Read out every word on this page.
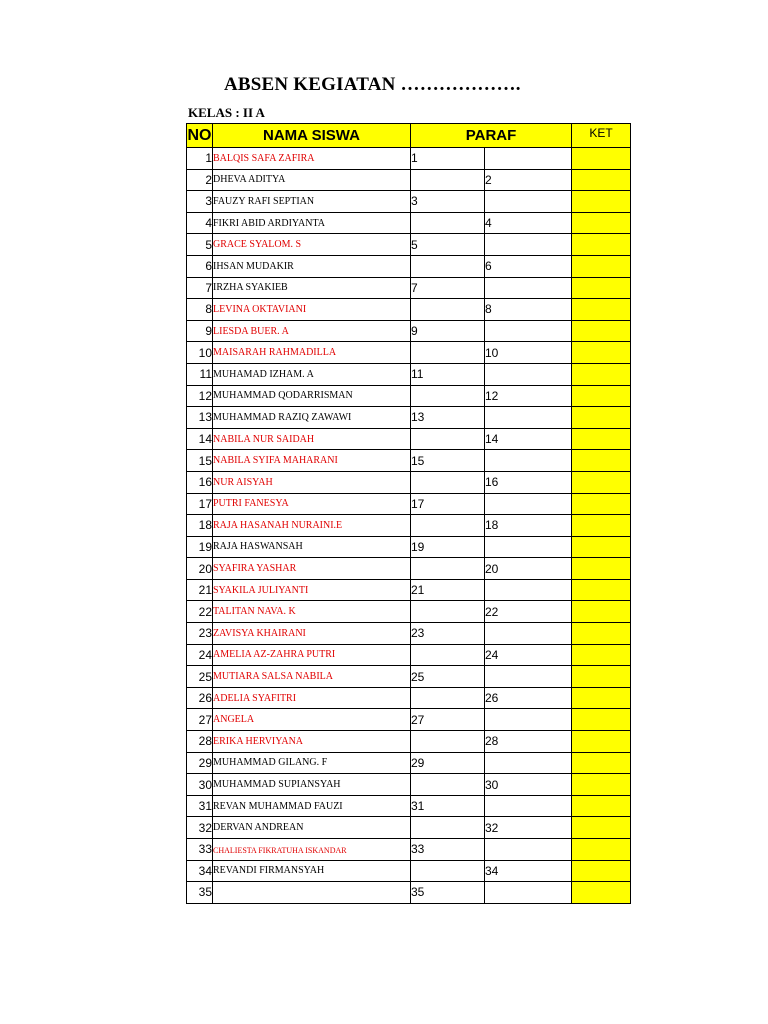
ABSEN KEGIATAN ……………….
KELAS : II A
NO	NAMA SISWA	PARAF		KET
1	BALQIS SAFA ZAFIRA	1		
2	DHEVA ADITYA		2	
3	FAUZY RAFI SEPTIAN	3		
4	FIKRI ABID ARDIYANTA		4	
5	GRACE SYALOM. S	5		
6	IHSAN MUDAKIR		6	
7	IRZHA SYAKIEB	7		
8	LEVINA OKTAVIANI		8	
9	LIESDA BUER. A	9		
10	MAISARAH RAHMADILLA		10	
11	MUHAMAD IZHAM. A	11		
12	MUHAMMAD QODARRISMAN		12	
13	MUHAMMAD RAZIQ ZAWAWI	13		
14	NABILA NUR SAIDAH		14	
15	NABILA SYIFA MAHARANI	15		
16	NUR AISYAH		16	
17	PUTRI FANESYA	17		
18	RAJA HASANAH NURAINI.E		18	
19	RAJA HASWANSAH	19		
20	SYAFIRA YASHAR		20	
21	SYAKILA JULIYANTI	21		
22	TALITAN NAVA. K		22	
23	ZAVISYA KHAIRANI	23		
24	AMELIA AZ-ZAHRA PUTRI		24	
25	MUTIARA SALSA NABILA	25		
26	ADELIA SYAFITRI		26	
27	ANGELA	27		
28	ERIKA HERVIYANA		28	
29	MUHAMMAD GILANG. F	29		
30	MUHAMMAD SUPIANSYAH		30	
31	REVAN MUHAMMAD FAUZI	31		
32	DERVAN ANDREAN		32	
33	CHALIESTA FIKRATUHA ISKANDAR	33		
34	REVANDI FIRMANSYAH		34	
35		35		
